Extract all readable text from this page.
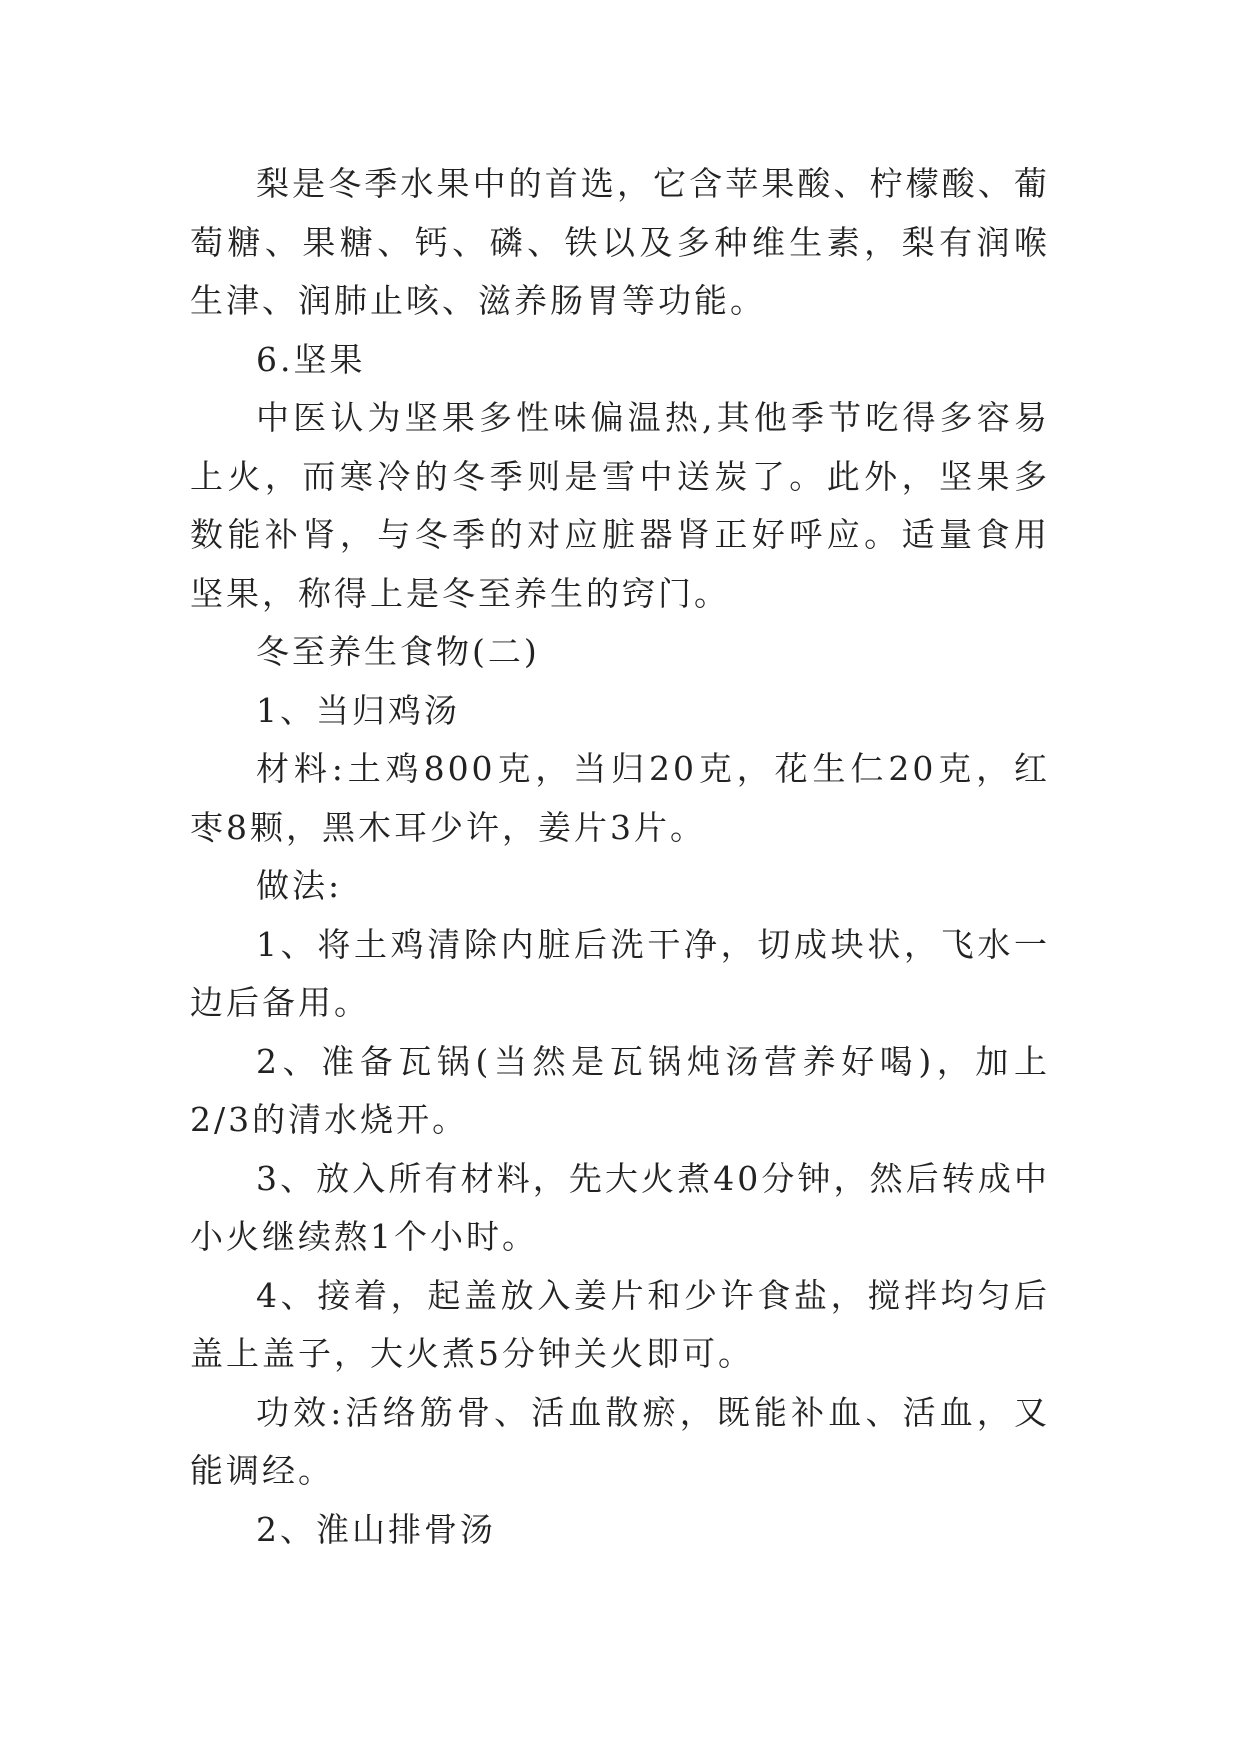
梨是冬季水果中的首选，它含苹果酸、柠檬酸、葡萄糖、果糖、钙、磷、铁以及多种维生素，梨有润喉生津、润肺止咳、滋养肠胃等功能。

6.坚果

中医认为坚果多性味偏温热,其他季节吃得多容易上火，而寒冷的冬季则是雪中送炭了。此外，坚果多数能补肾，与冬季的对应脏器肾正好呼应。适量食用坚果，称得上是冬至养生的窍门。

冬至养生食物(二)

1、当归鸡汤

材料:土鸡800克，当归20克，花生仁20克，红枣8颗，黑木耳少许，姜片3片。

做法:

1、将土鸡清除内脏后洗干净，切成块状，飞水一边后备用。

2、准备瓦锅(当然是瓦锅炖汤营养好喝)，加上2/3的清水烧开。

3、放入所有材料，先大火煮40分钟，然后转成中小火继续熬1个小时。

4、接着，起盖放入姜片和少许食盐，搅拌均匀后盖上盖子，大火煮5分钟关火即可。

功效:活络筋骨、活血散瘀，既能补血、活血，又能调经。

2、淮山排骨汤
